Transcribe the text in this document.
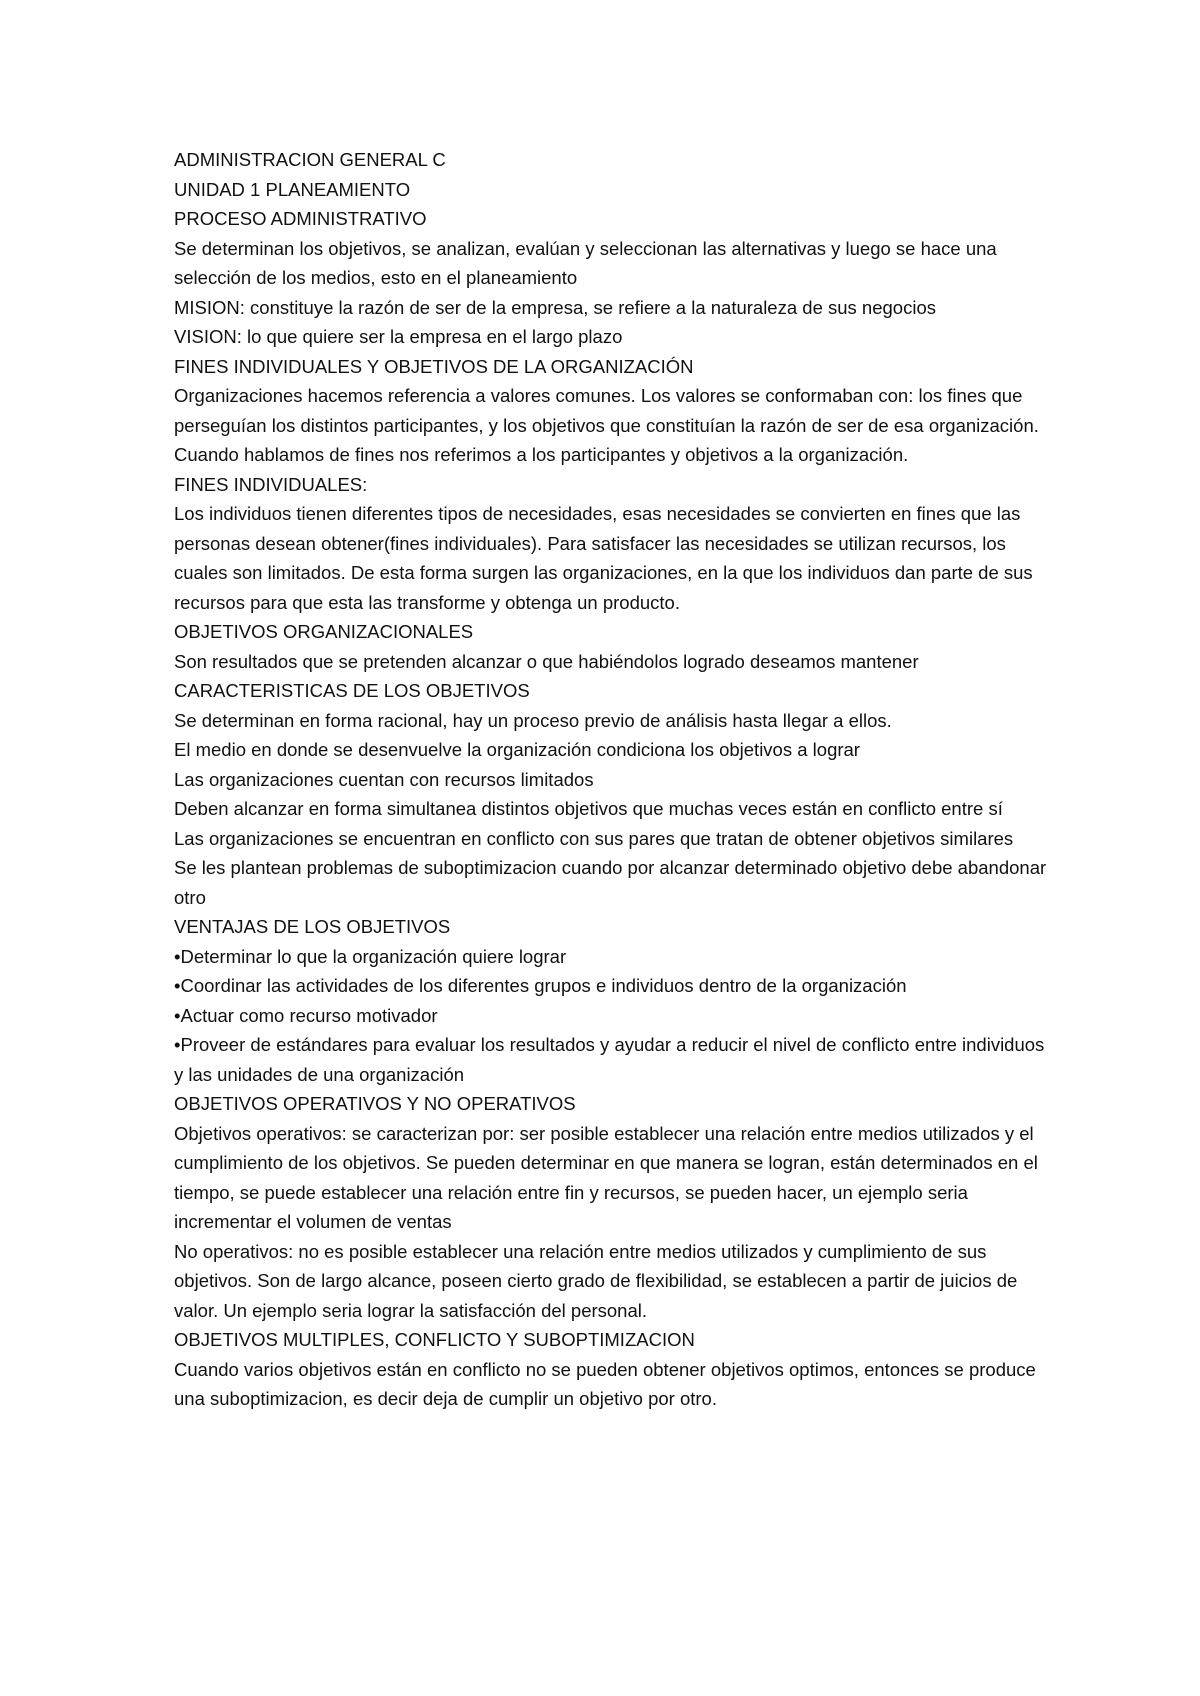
ADMINISTRACION GENERAL C
UNIDAD 1 PLANEAMIENTO
PROCESO ADMINISTRATIVO
Se determinan los objetivos, se analizan, evalúan y seleccionan las alternativas y luego se hace una selección de los medios, esto en el planeamiento
MISION: constituye la razón de ser de la empresa, se refiere a la naturaleza de sus negocios
VISION: lo que quiere ser la empresa en el largo plazo
FINES INDIVIDUALES Y OBJETIVOS DE LA ORGANIZACIÓN
Organizaciones hacemos referencia a valores comunes. Los valores se conformaban con: los fines que perseguían los distintos participantes, y los objetivos que constituían la razón de ser de esa organización. Cuando hablamos de fines nos referimos a los participantes y objetivos a la organización.
FINES INDIVIDUALES:
Los individuos tienen diferentes tipos de necesidades, esas necesidades se convierten en fines que las personas desean obtener(fines individuales). Para satisfacer las necesidades se utilizan recursos, los cuales son limitados. De esta forma surgen las organizaciones, en la que los individuos dan parte de sus recursos para que esta las transforme y obtenga un producto.
OBJETIVOS ORGANIZACIONALES
Son resultados que se pretenden alcanzar o que habiéndolos logrado deseamos mantener
CARACTERISTICAS DE LOS OBJETIVOS
Se determinan en forma racional, hay un proceso previo de análisis hasta llegar a ellos.
El medio en donde se desenvuelve la organización condiciona los objetivos a lograr
Las organizaciones cuentan con recursos limitados
Deben alcanzar en forma simultanea distintos objetivos que muchas veces están en conflicto entre sí
Las organizaciones se encuentran en conflicto con sus pares que tratan de obtener objetivos similares
Se les plantean problemas de suboptimizacion cuando por alcanzar determinado objetivo debe abandonar otro
VENTAJAS DE LOS OBJETIVOS
•Determinar lo que la organización quiere lograr
•Coordinar las actividades de los diferentes grupos e individuos dentro de la organización
•Actuar como recurso motivador
•Proveer de estándares para evaluar los resultados y ayudar a reducir el nivel de conflicto entre individuos y las unidades de una organización
OBJETIVOS OPERATIVOS Y NO OPERATIVOS
Objetivos operativos: se caracterizan por: ser posible establecer una relación entre medios utilizados y el cumplimiento de los objetivos. Se pueden determinar en que manera se logran, están determinados en el tiempo, se puede establecer una relación entre fin y recursos, se pueden hacer, un ejemplo seria incrementar el volumen de ventas
No operativos: no es posible establecer una relación entre medios utilizados y cumplimiento de sus objetivos. Son de largo alcance, poseen cierto grado de flexibilidad, se establecen a partir de juicios de valor. Un ejemplo seria lograr la satisfacción del personal.
OBJETIVOS MULTIPLES, CONFLICTO Y SUBOPTIMIZACION
Cuando varios objetivos están en conflicto no se pueden obtener objetivos optimos, entonces se produce una suboptimizacion, es decir deja de cumplir un objetivo por otro.
